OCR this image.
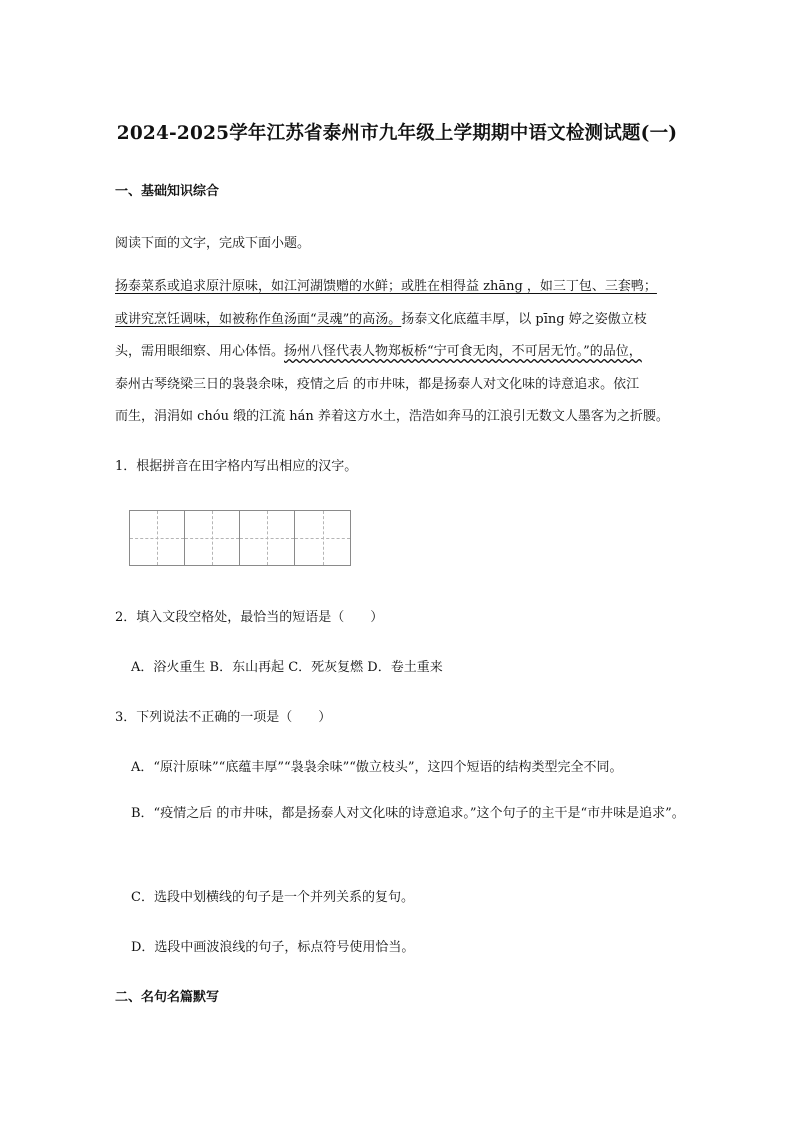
2024-2025学年江苏省泰州市九年级上学期期中语文检测试题(一)
一、基础知识综合
阅读下面的文字，完成下面小题。
扬泰菜系或追求原汁原味，如江河湖馈赠的水鲜；或胜在相得益 zhāng ，如三丁包、三套鸭；
或讲究烹饪调味，如被称作鱼汤面“灵魂”的高汤。扬泰文化底蕴丰厚，以 pīng 婷之姿傲立枝
头，需用眼细察、用心体悟。扬州八怪代表人物郑板桥“宁可食无肉，不可居无竹。”的品位，
泰州古琴绕梁三日的袅袅余味，疫情之后 的市井味，都是扬泰人对文化味的诗意追求。依江
而生，涓涓如 chóu 缎的江流 hán 养着这方水土，浩浩如奔马的江浪引无数文人墨客为之折腰。
1．根据拼音在田字格内写出相应的汉字。
2．填入文段空格处，最恰当的短语是（　　）
A．浴火重生 B．东山再起 C．死灰复燃 D．卷土重来
3．下列说法不正确的一项是（　　）
A．“原汁原味”“底蕴丰厚”“袅袅余味”“傲立枝头”，这四个短语的结构类型完全不同。
B．“疫情之后 的市井味，都是扬泰人对文化味的诗意追求。”这个句子的主干是“市井味是追求”。
C．选段中划横线的句子是一个并列关系的复句。
D．选段中画波浪线的句子，标点符号使用恰当。
二、名句名篇默写
